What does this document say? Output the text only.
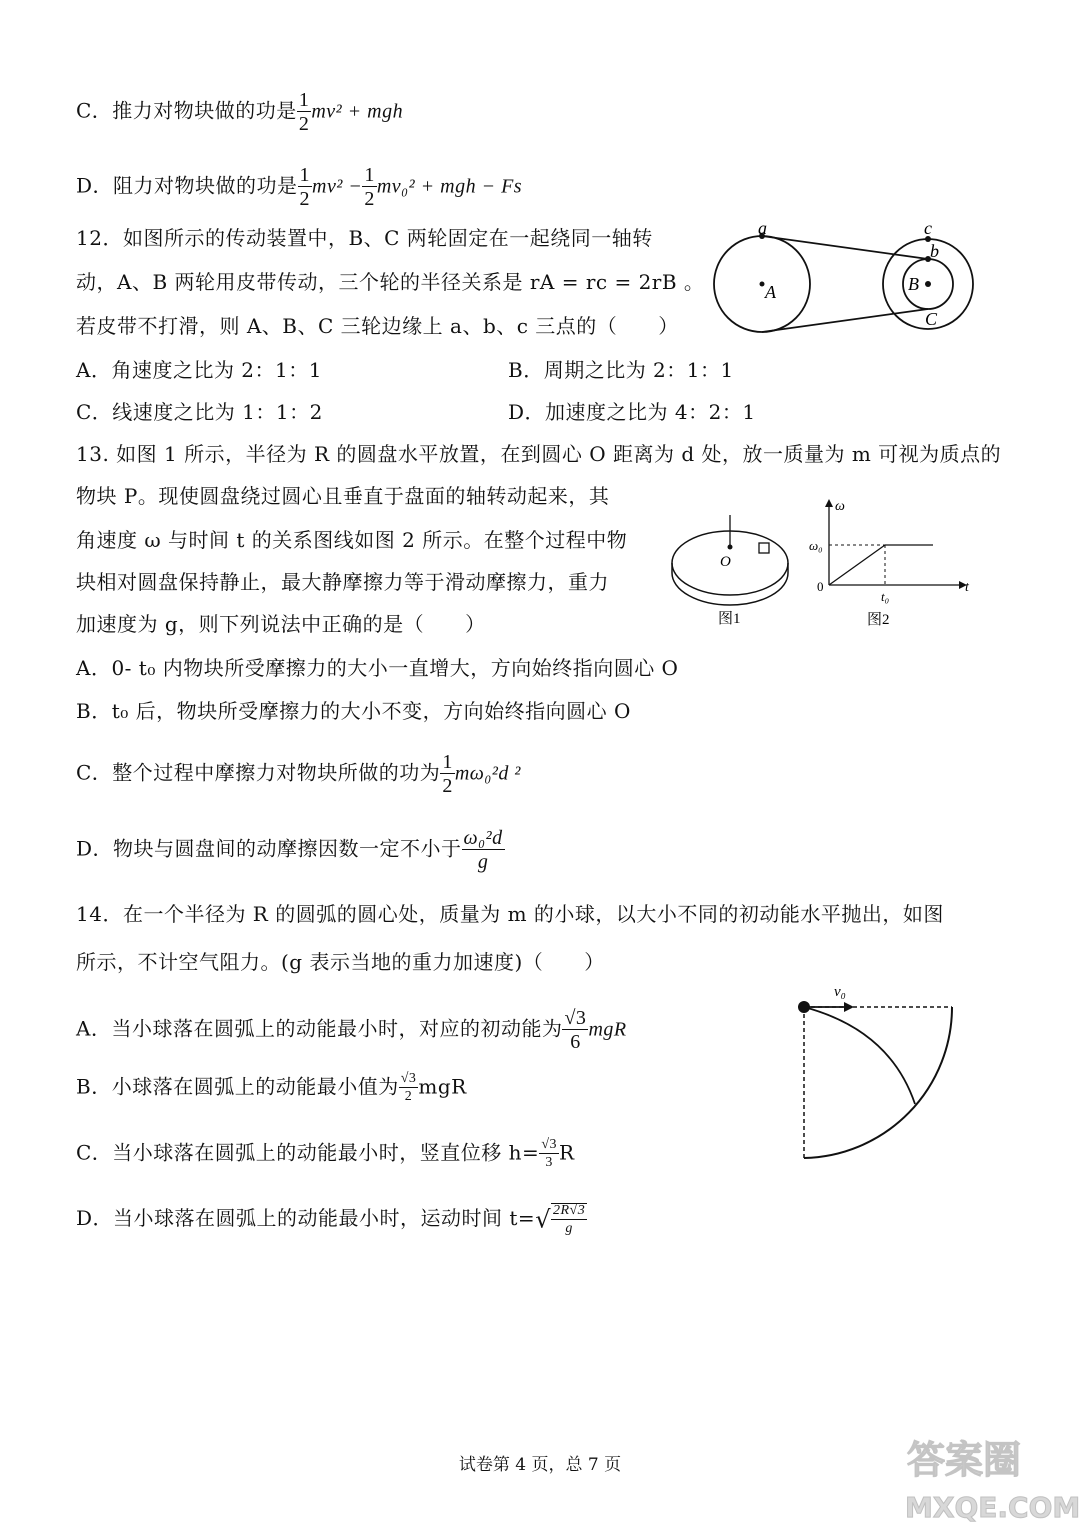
C．推力对物块做的功是 $\frac{1}{2} mv^2$ + mgh
D．阻力对物块做的功是 $\frac{1}{2} mv^2 - \frac{1}{2} mv_0^2$ + mgh − Fs
12．如图所示的传动装置中，B、C 两轮固定在一起绕同一轴转
动，A、B 两轮用皮带传动，三个轮的半径关系是 rA = rc = 2rB 。
若皮带不打滑，则 A、B、C 三轮边缘上 a、b、c 三点的（　　）
A．角速度之比为 2：1：1	B．周期之比为 2：1：1
C．线速度之比为 1：1：2	D．加速度之比为 4：2：1
a
A	B
b
c
C
13. 如图 1 所示，半径为 R 的圆盘水平放置，在到圆心 O 距离为 d 处，放一质量为 m 可视为质点的
物块 P。现使圆盘绕过圆心且垂直于盘面的轴转动起来，其
角速度 ω 与时间 t 的关系图线如图 2 所示。在整个过程中物
块相对圆盘保持静止，最大静摩擦力等于滑动摩擦力，重力
加速度为 g，则下列说法中正确的是（　　）
O
图1
ω
ω₀
0
t₀
t
图2
A．0- t₀ 内物块所受摩擦力的大小一直增大，方向始终指向圆心 O
B．t₀ 后，物块所受摩擦力的大小不变，方向始终指向圆心 O
C．整个过程中摩擦力对物块所做的功为 $\frac{1}{2} m\omega_0^2d$ ²
D．物块与圆盘间的动摩擦因数一定不小于 $\frac{\text{ω₀²d}}{g}$
14．在一个半径为 R 的圆弧的圆心处，质量为 m 的小球，以大小不同的初动能水平抛出，如图
所示，不计空气阻力。(g 表示当地的重力加速度)（　　）
A．当小球落在圆弧上的动能最小时，对应的初动能为 $\frac{√3}{6}$ mgR
B．小球落在圆弧上的动能最小值为 $\frac{√3}{2}$ mgR
C．当小球落在圆弧上的动能最小时，竖直位移 $h= \frac{√3}{3}$ R
D．当小球落在圆弧上的动能最小时，运动时间 $t=√ \frac{2R√3}{g}$
v₀
试卷第 4 页，总 7 页	答案圈
MXQE.COM
